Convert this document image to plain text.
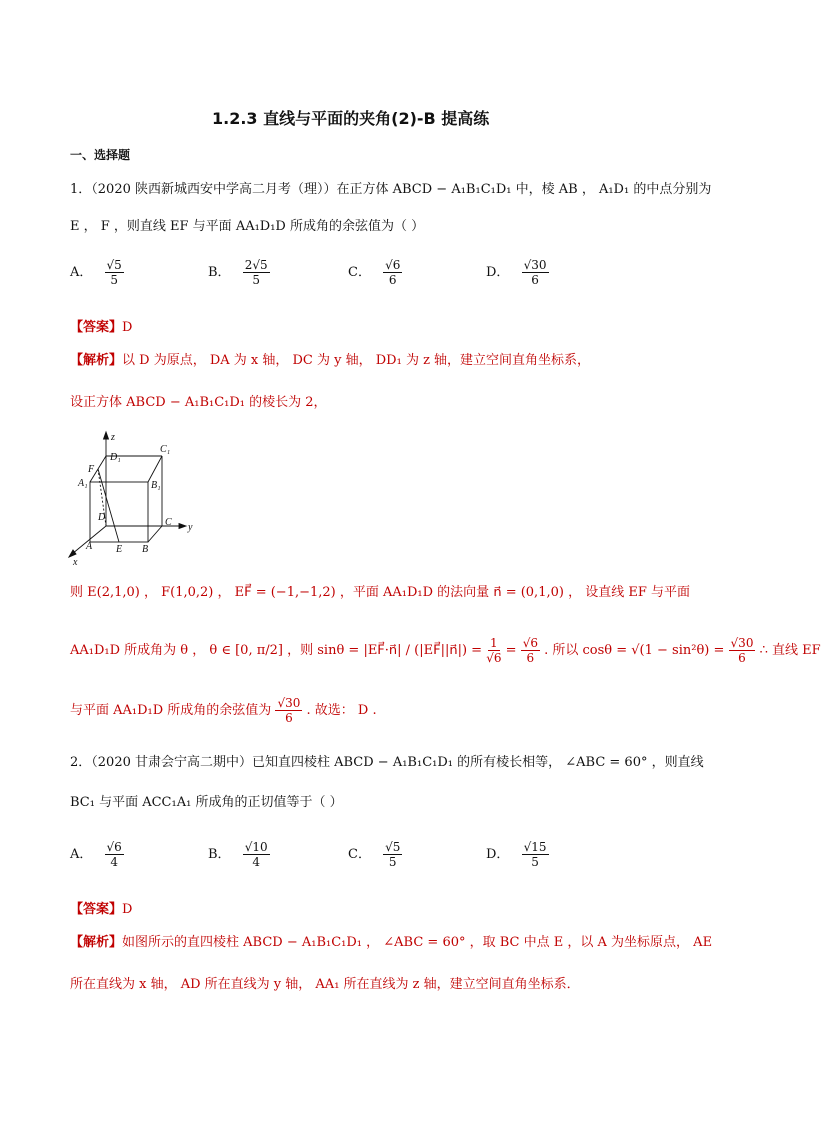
1.2.3 直线与平面的夹角(2)-B 提高练
一、选择题
1．（2020 陕西新城西安中学高二月考（理））在正方体 ABCD − A₁B₁C₁D₁ 中，棱 AB ， A₁D₁ 的中点分别为
E ， F ，则直线 EF 与平面 AA₁D₁D 所成角的余弦值为（ ）
A． $\frac{√5}{5}$	B． $\frac{2√5}{5}$	C． $\frac{√6}{6}$	D． $\frac{√30}{6}$
【答案】D
【解析】以 D 为原点， DA 为 x 轴， DC 为 y 轴， DD₁ 为 z 轴，建立空间直角坐标系，
设正方体 ABCD − A₁B₁C₁D₁ 的棱长为 2，
z
y
x
D₁
C₁
A₁	B₁
F
D	C
A E B
则 E(2,1,0) ， F(1,0,2) ， EF⃗ = (−1,−1,2) ，平面 AA₁D₁D 的法向量 n⃗ = (0,1,0) ， 设直线 EF 与平面
AA₁D₁D 所成角为 θ ， θ ∈ [0, π/2] ，则 sinθ = |EF⃗·n⃗| / (|EF⃗||n⃗|) = $\frac{1}{√6} = \frac{√6}{6}$ . 所以 $\cos\theta = √(1 - \sin^2\theta) = \frac{√30}{6}$ ∴ 直线 EF
与平面 AA₁D₁D 所成角的余弦值为 $\frac{√30}{6}$ . 故选： D .
2．（2020 甘肃会宁高二期中）已知直四棱柱 ABCD − A₁B₁C₁D₁ 的所有棱长相等， ∠ABC = 60° ，则直线
BC₁ 与平面 ACC₁A₁ 所成角的正切值等于（ ）
A． $\frac{√6}{4}$	B． $\frac{√10}{4}$	C． $\frac{√5}{5}$	D． $\frac{√15}{5}$
【答案】D
【解析】如图所示的直四棱柱 ABCD − A₁B₁C₁D₁ ， ∠ABC = 60° ，取 BC 中点 E ，以 A 为坐标原点， AE
所在直线为 x 轴， AD 所在直线为 y 轴， AA₁ 所在直线为 z 轴，建立空间直角坐标系．
